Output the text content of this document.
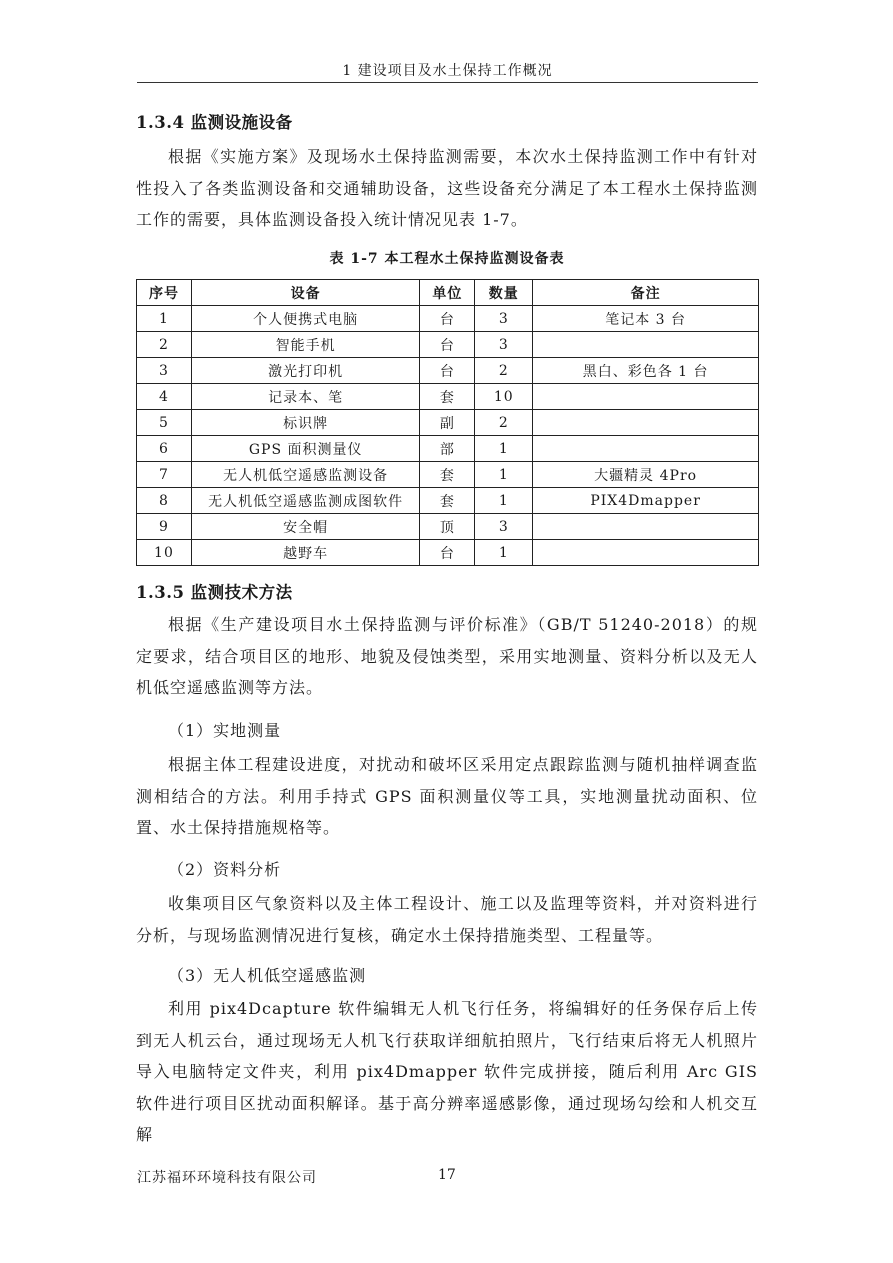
1 建设项目及水土保持工作概况
1.3.4 监测设施设备

根据《实施方案》及现场水土保持监测需要，本次水土保持监测工作中有针对性投入了各类监测设备和交通辅助设备，这些设备充分满足了本工程水土保持监测工作的需要，具体监测设备投入统计情况见表 1-7。

表 1-7 本工程水土保持监测设备表
序号	设备	单位	数量	备注
1	个人便携式电脑	台	3	笔记本 3 台
2	智能手机	台	3	
3	激光打印机	台	2	黑白、彩色各 1 台
4	记录本、笔	套	10	
5	标识牌	副	2	
6	GPS 面积测量仪	部	1	
7	无人机低空遥感监测设备	套	1	大疆精灵 4Pro
8	无人机低空遥感监测成图软件	套	1	PIX4Dmapper
9	安全帽	顶	3	
10	越野车	台	1	
1.3.5 监测技术方法

根据《生产建设项目水土保持监测与评价标准》（GB/T 51240-2018）的规定要求，结合项目区的地形、地貌及侵蚀类型，采用实地测量、资料分析以及无人机低空遥感监测等方法。

（1）实地测量

根据主体工程建设进度，对扰动和破坏区采用定点跟踪监测与随机抽样调查监测相结合的方法。利用手持式 GPS 面积测量仪等工具，实地测量扰动面积、位置、水土保持措施规格等。

（2）资料分析

收集项目区气象资料以及主体工程设计、施工以及监理等资料，并对资料进行分析，与现场监测情况进行复核，确定水土保持措施类型、工程量等。

（3）无人机低空遥感监测

利用 pix4Dcapture 软件编辑无人机飞行任务，将编辑好的任务保存后上传到无人机云台，通过现场无人机飞行获取详细航拍照片，飞行结束后将无人机照片导入电脑特定文件夹，利用 pix4Dmapper 软件完成拼接，随后利用 Arc GIS 软件进行项目区扰动面积解译。基于高分辨率遥感影像，通过现场勾绘和人机交互解

江苏福环环境科技有限公司	17
